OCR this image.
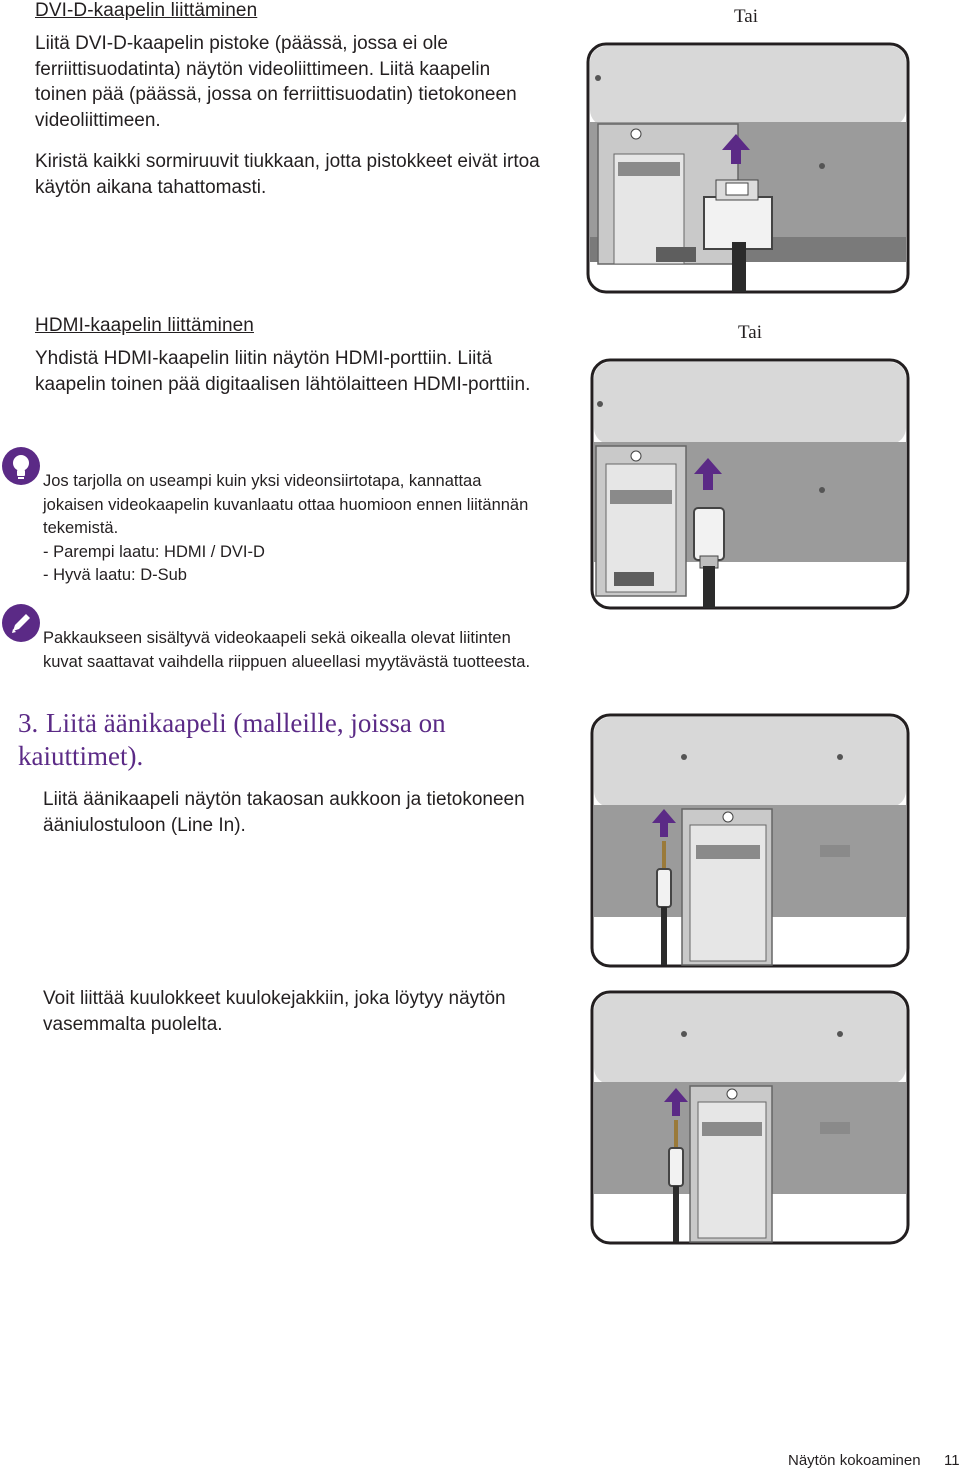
DVI-D-kaapelin liittäminen

Liitä DVI-D-kaapelin pistoke (päässä, jossa ei ole ferriittisuodatinta) näytön videoliittimeen. Liitä kaapelin toinen pää (päässä, jossa on ferriittisuodatin) tietokoneen videoliittimeen.

Kiristä kaikki sormiruuvit tiukkaan, jotta pistokkeet eivät irtoa käytön aikana tahattomasti.

Tai
HDMI-kaapelin liittäminen
Yhdistä HDMI-kaapelin liitin näytön HDMI-porttiin. Liitä kaapelin toinen pää digitaalisen lähtölaitteen HDMI-porttiin.
Tai

Jos tarjolla on useampi kuin yksi videonsiirtotapa, kannattaa jokaisen videokaapelin kuvanlaatu ottaa huomioon ennen liitännän tekemistä.

- Parempi laatu: HDMI / DVI-D

- Hyvä laatu: D-Sub

Pakkaukseen sisältyvä videokaapeli sekä oikealla olevat liitinten kuvat saattavat vaihdella riippuen alueellasi myytävästä tuotteesta.
3. Liitä äänikaapeli (malleille, joissa on kaiuttimet).
Liitä äänikaapeli näytön takaosan aukkoon ja tietokoneen ääniulostuloon (Line In).
Voit liittää kuulokkeet kuulokejakkiin, joka löytyy näytön vasemmalta puolelta.
Näytön kokoaminen 11
